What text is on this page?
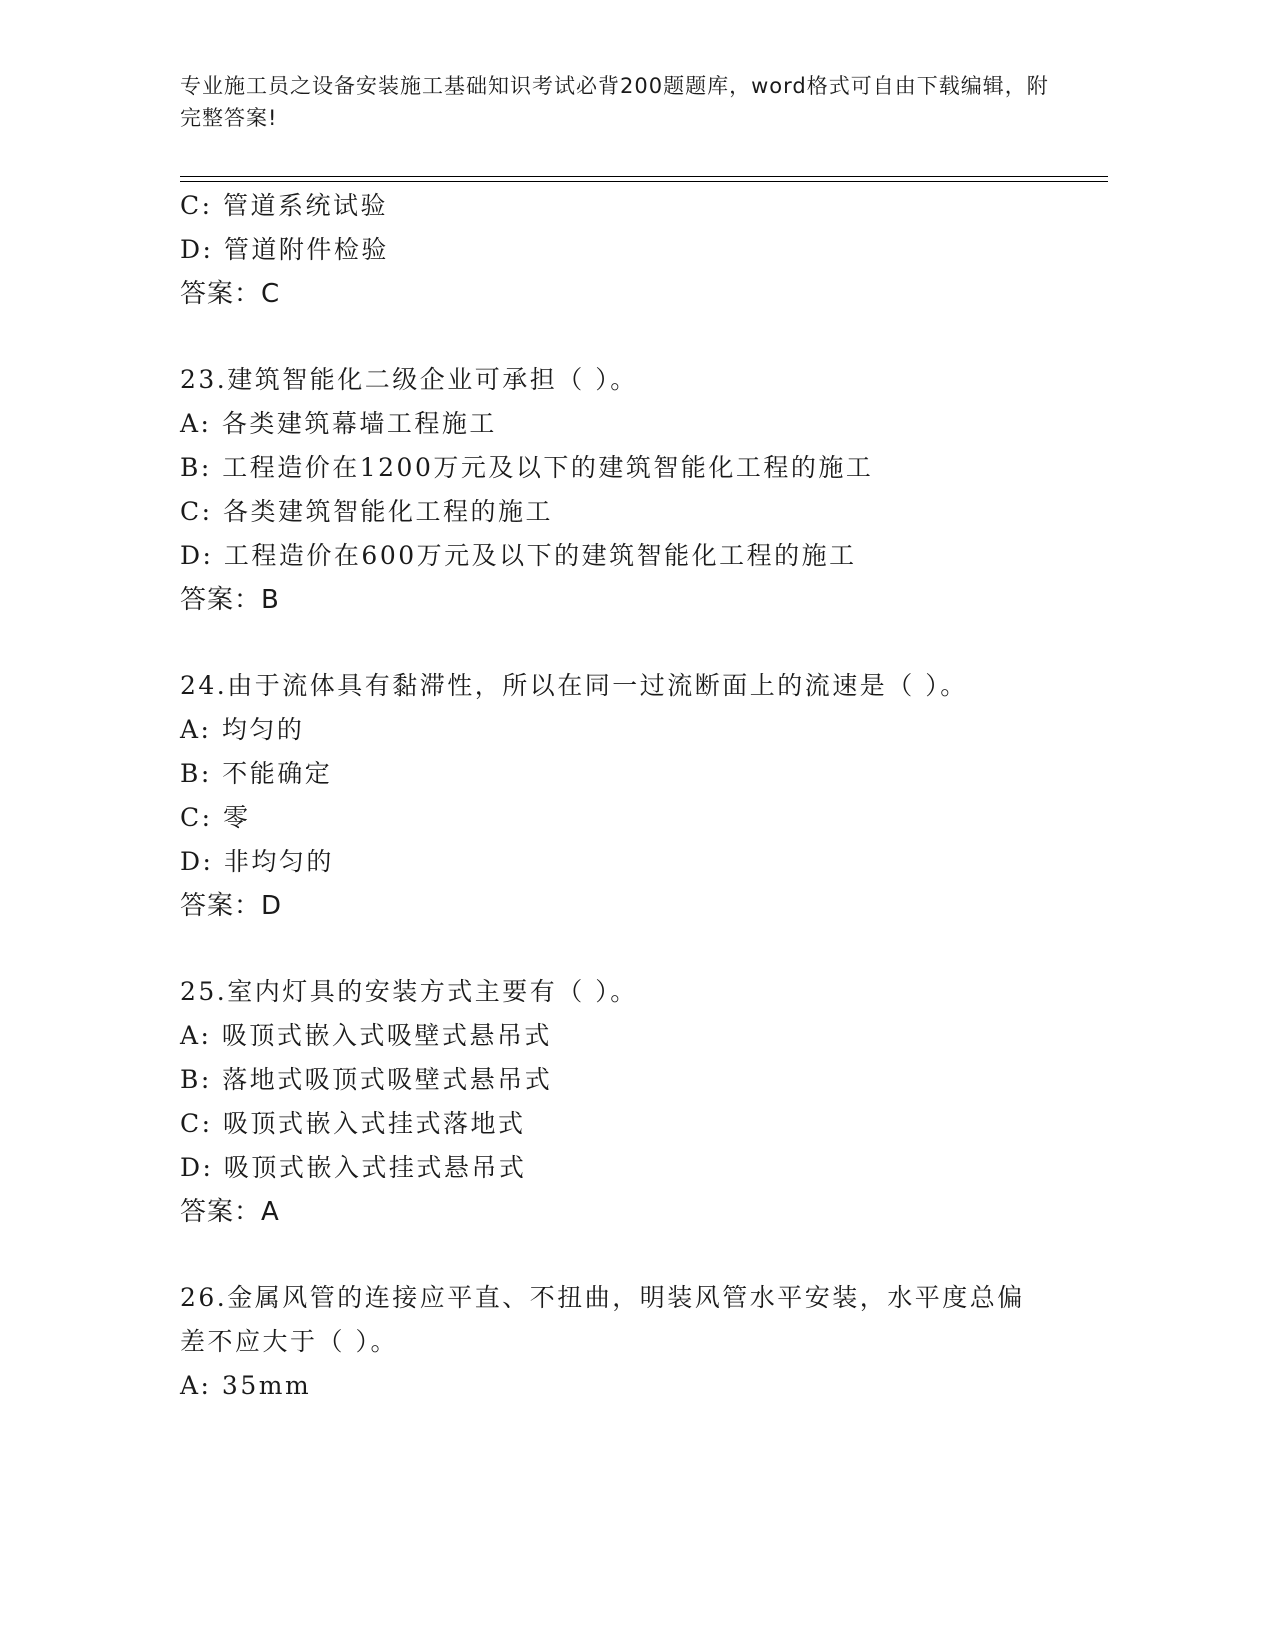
专业施工员之设备安装施工基础知识考试必背200题题库，word格式可自由下载编辑，附完整答案!
C: 管道系统试验
D: 管道附件检验
答案：C
23.建筑智能化二级企业可承担（ ）。
A: 各类建筑幕墙工程施工
B: 工程造价在1200万元及以下的建筑智能化工程的施工
C: 各类建筑智能化工程的施工
D: 工程造价在600万元及以下的建筑智能化工程的施工
答案：B
24.由于流体具有黏滞性，所以在同一过流断面上的流速是（ ）。
A: 均匀的
B: 不能确定
C: 零
D: 非均匀的
答案：D
25.室内灯具的安装方式主要有（ ）。
A: 吸顶式嵌入式吸壁式悬吊式
B: 落地式吸顶式吸壁式悬吊式
C: 吸顶式嵌入式挂式落地式
D: 吸顶式嵌入式挂式悬吊式
答案：A
26.金属风管的连接应平直、不扭曲，明装风管水平安装，水平度总偏差不应大于（ ）。
A: 35mm
